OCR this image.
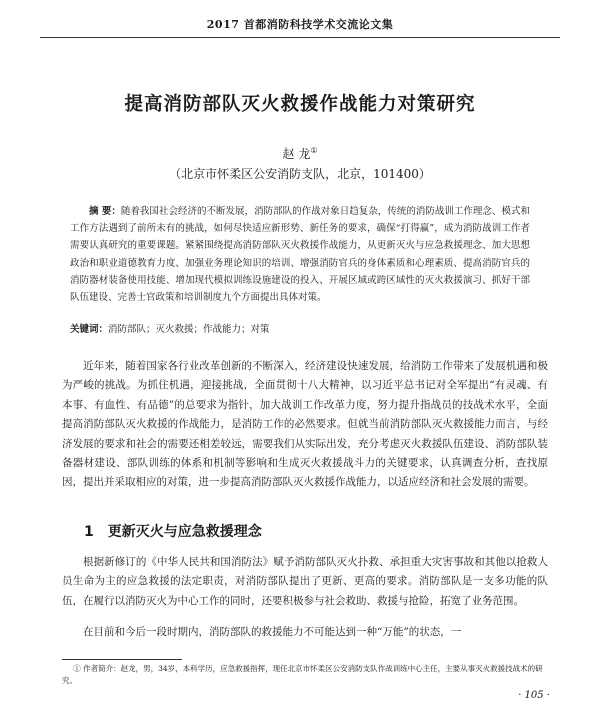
2017 首都消防科技学术交流论文集
提高消防部队灭火救援作战能力对策研究
赵 龙①
（北京市怀柔区公安消防支队，北京，101400）
摘 要：随着我国社会经济的不断发展，消防部队的作战对象日趋复杂，传统的消防战训工作理念、模式和工作方法遇到了前所未有的挑战，如何尽快适应新形势、新任务的要求，确保“打得赢”，成为消防战训工作者需要认真研究的重要课题。紧紧围绕提高消防部队灭火救援作战能力，从更新灭火与应急救援理念、加大思想政治和职业道德教育力度、加强业务理论知识的培训、增强消防官兵的身体素质和心理素质、提高消防官兵的消防器材装备使用技能、增加现代模拟训练设施建设的投入、开展区域或跨区域性的灭火救援演习、抓好干部队伍建设、完善士官政策和培训制度九个方面提出具体对策。
关键词：消防部队；灭火救援；作战能力；对策
近年来，随着国家各行业改革创新的不断深入，经济建设快速发展，给消防工作带来了发展机遇和极为严峻的挑战。为抓住机遇，迎接挑战，全面贯彻十八大精神，以习近平总书记对全军提出“有灵魂、有本事、有血性、有品德”的总要求为指针，加大战训工作改革力度，努力提升指战员的技战术水平，全面提高消防部队灭火救援的作战能力，是消防工作的必然要求。但就当前消防部队灭火救援能力而言，与经济发展的要求和社会的需要还相差较远，需要我们从实际出发，充分考虑灭火救援队伍建设、消防部队装备器材建设、部队训练的体系和机制等影响和生成灭火救援战斗力的关键要求，认真调查分析，查找原因，提出并采取相应的对策，进一步提高消防部队灭火救援作战能力，以适应经济和社会发展的需要。
1 更新灭火与应急救援理念
根据新修订的《中华人民共和国消防法》赋予消防部队灭火扑救、承担重大灾害事故和其他以抢救人员生命为主的应急救援的法定职责，对消防部队提出了更新、更高的要求。消防部队是一支多功能的队伍，在履行以消防灭火为中心工作的同时，还要积极参与社会救助、救援与抢险，拓宽了业务范围。
在目前和今后一段时期内，消防部队的救援能力不可能达到一种“万能”的状态，一
① 作者简介：赵龙，男，34岁，本科学历，应急救援指挥，现任北京市怀柔区公安消防支队作战训练中心主任，主要从事灭火救援技战术的研究。
· 105 ·
